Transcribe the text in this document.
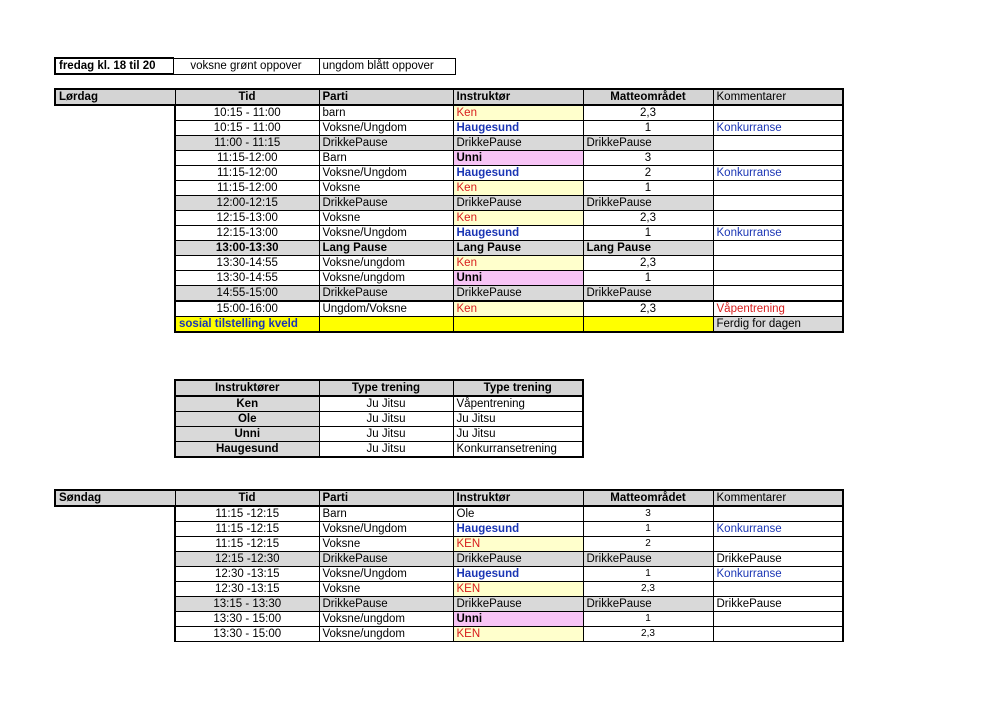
fredag kl. 18 til 20	voksne grønt oppover	ungdom blått oppover
Lørdag	Tid	Parti	Instruktør	Matteområdet	Kommentarer
	10:15 - 11:00	barn	Ken	2,3	
	10:15 - 11:00	Voksne/Ungdom	Haugesund	1	Konkurranse
	11:00 - 11:15	DrikkePause	DrikkePause	DrikkePause	
	11:15-12:00	Barn	Unni	3	
	11:15-12:00	Voksne/Ungdom	Haugesund	2	Konkurranse
	11:15-12:00	Voksne	Ken	1	
	12:00-12:15	DrikkePause	DrikkePause	DrikkePause	
	12:15-13:00	Voksne	Ken	2,3	
	12:15-13:00	Voksne/Ungdom	Haugesund	1	Konkurranse
	13:00-13:30	Lang Pause	Lang Pause	Lang Pause	
	13:30-14:55	Voksne/ungdom	Ken	2,3	
	13:30-14:55	Voksne/ungdom	Unni	1	
	14:55-15:00	DrikkePause	DrikkePause	DrikkePause	
	15:00-16:00	Ungdom/Voksne	Ken	2,3	Våpentrening
	sosial tilstelling kveld				Ferdig for dagen
Instruktører	Type trening	Type trening
Ken	Ju Jitsu	Våpentrening
Ole	Ju Jitsu	Ju Jitsu
Unni	Ju Jitsu	Ju Jitsu
Haugesund	Ju Jitsu	Konkurransetrening
Søndag	Tid	Parti	Instruktør	Matteområdet	Kommentarer
	11:15 -12:15	Barn	Ole	3	
	11:15 -12:15	Voksne/Ungdom	Haugesund	1	Konkurranse
	11:15 -12:15	Voksne	KEN	2	
	12:15 -12:30	DrikkePause	DrikkePause	DrikkePause	DrikkePause
	12:30 -13:15	Voksne/Ungdom	Haugesund	1	Konkurranse
	12:30 -13:15	Voksne	KEN	2,3	
	13:15 - 13:30	DrikkePause	DrikkePause	DrikkePause	DrikkePause
	13:30 - 15:00	Voksne/ungdom	Unni	1	
	13:30 - 15:00	Voksne/ungdom	KEN	2,3	
